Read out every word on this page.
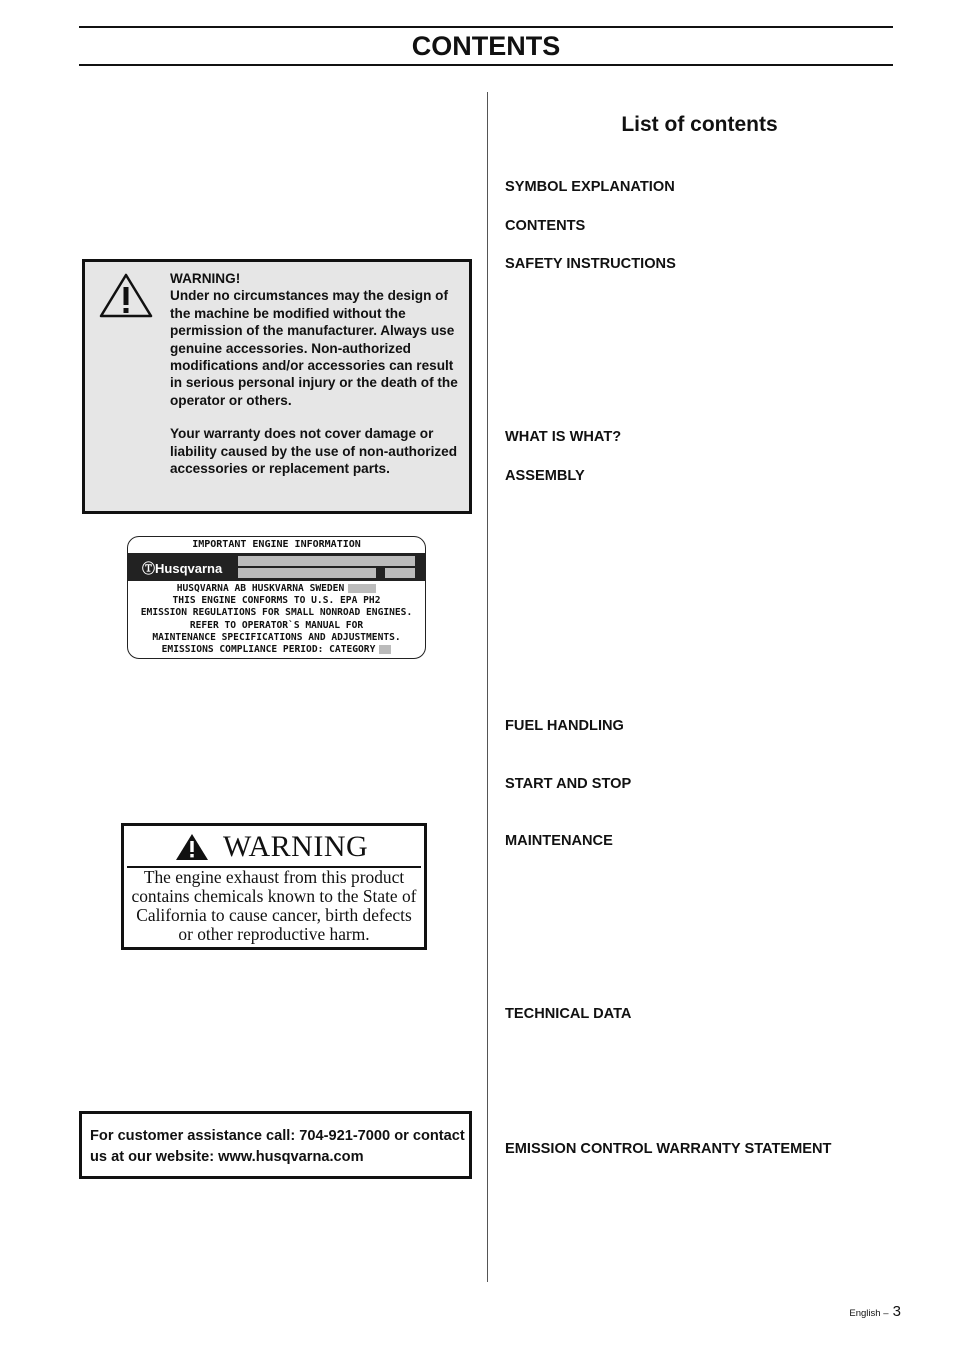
CONTENTS
WARNING!

Under no circumstances may the design of the machine be modified without the permission of the manufacturer. Always use genuine accessories. Non-authorized modifications and/or accessories can result in serious personal injury or the death of the operator or others.

Your warranty does not cover damage or liability caused by the use of non-authorized accessories or replacement parts.

IMPORTANT ENGINE INFORMATION
ⓉHusqvarna
HUSQVARNA AB HUSKVARNA SWEDEN
THIS ENGINE CONFORMS TO U.S. EPA PH2
EMISSION REGULATIONS FOR SMALL NONROAD ENGINES.
REFER TO OPERATOR`S MANUAL FOR
MAINTENANCE SPECIFICATIONS AND ADJUSTMENTS.
EMISSIONS COMPLIANCE PERIOD: CATEGORY
WARNING
The engine exhaust from this product contains chemicals known to the State of California to cause cancer, birth defects or other reproductive harm.
For customer assistance call: 704-921-7000 or contact us at our website: www.husqvarna.com
List of contents
SYMBOL EXPLANATION
CONTENTS
SAFETY INSTRUCTIONS
WHAT IS WHAT?
ASSEMBLY
FUEL HANDLING
START AND STOP
MAINTENANCE
TECHNICAL DATA
EMISSION CONTROL WARRANTY STATEMENT
English – 3
